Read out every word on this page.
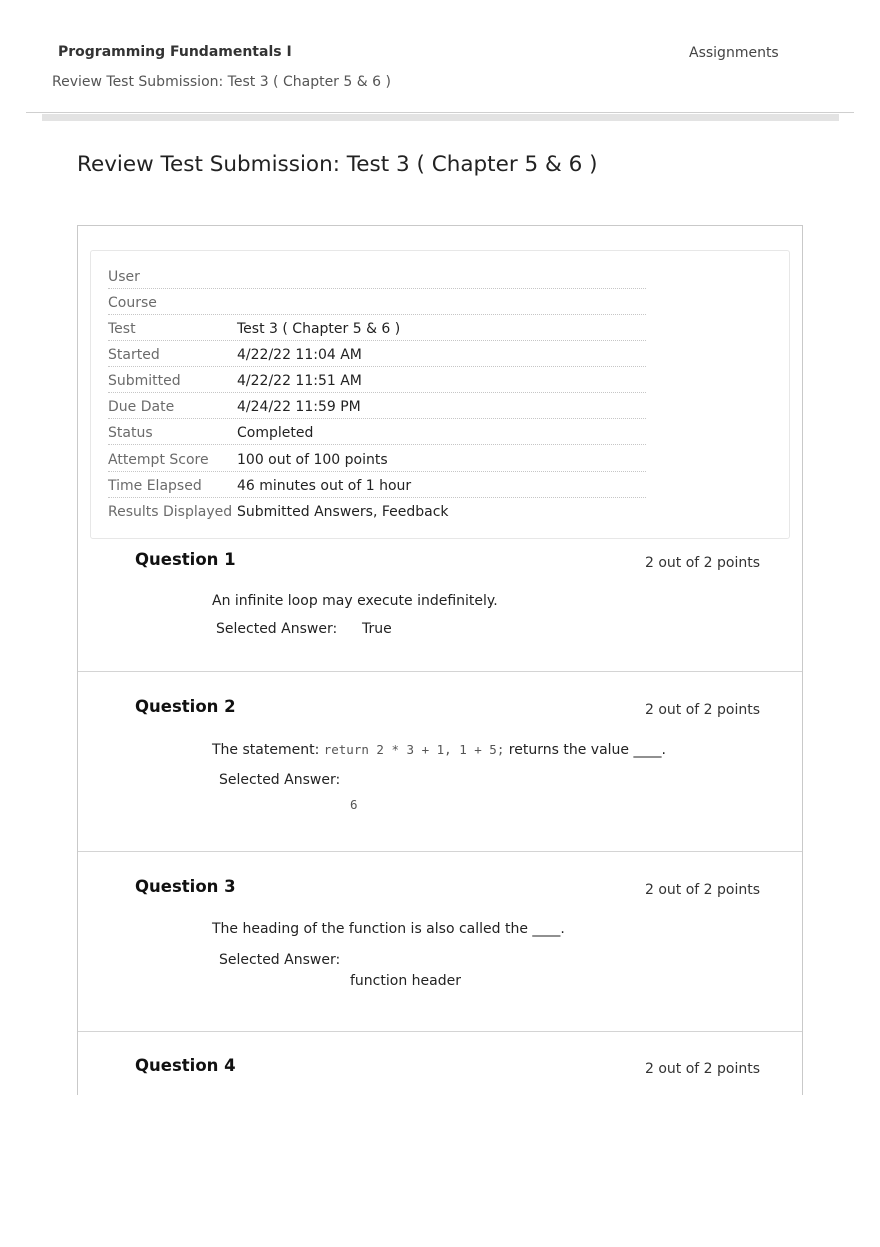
Programming Fundamentals I	Assignments
Review Test Submission: Test 3 ( Chapter 5 & 6 )
Review Test Submission: Test 3 ( Chapter 5 & 6 )
User
Course
Test	Test 3 ( Chapter 5 & 6 )
Started	4/22/22 11:04 AM
Submitted	4/22/22 11:51 AM
Due Date	4/24/22 11:59 PM
Status	Completed
Attempt Score 100 out of 100 points
Time Elapsed	46 minutes out of 1 hour
Results Displayed Submitted Answers, Feedback
Question 1	2 out of 2 points
An infinite loop may execute indefinitely.
Selected Answer: True
Question 2	2 out of 2 points
The statement: return 2 * 3 + 1, 1 + 5; returns the value ____.
Selected Answer:
6
Question 3	2 out of 2 points
The heading of the function is also called the ____.
Selected Answer:
function header
Question 4	2 out of 2 points
